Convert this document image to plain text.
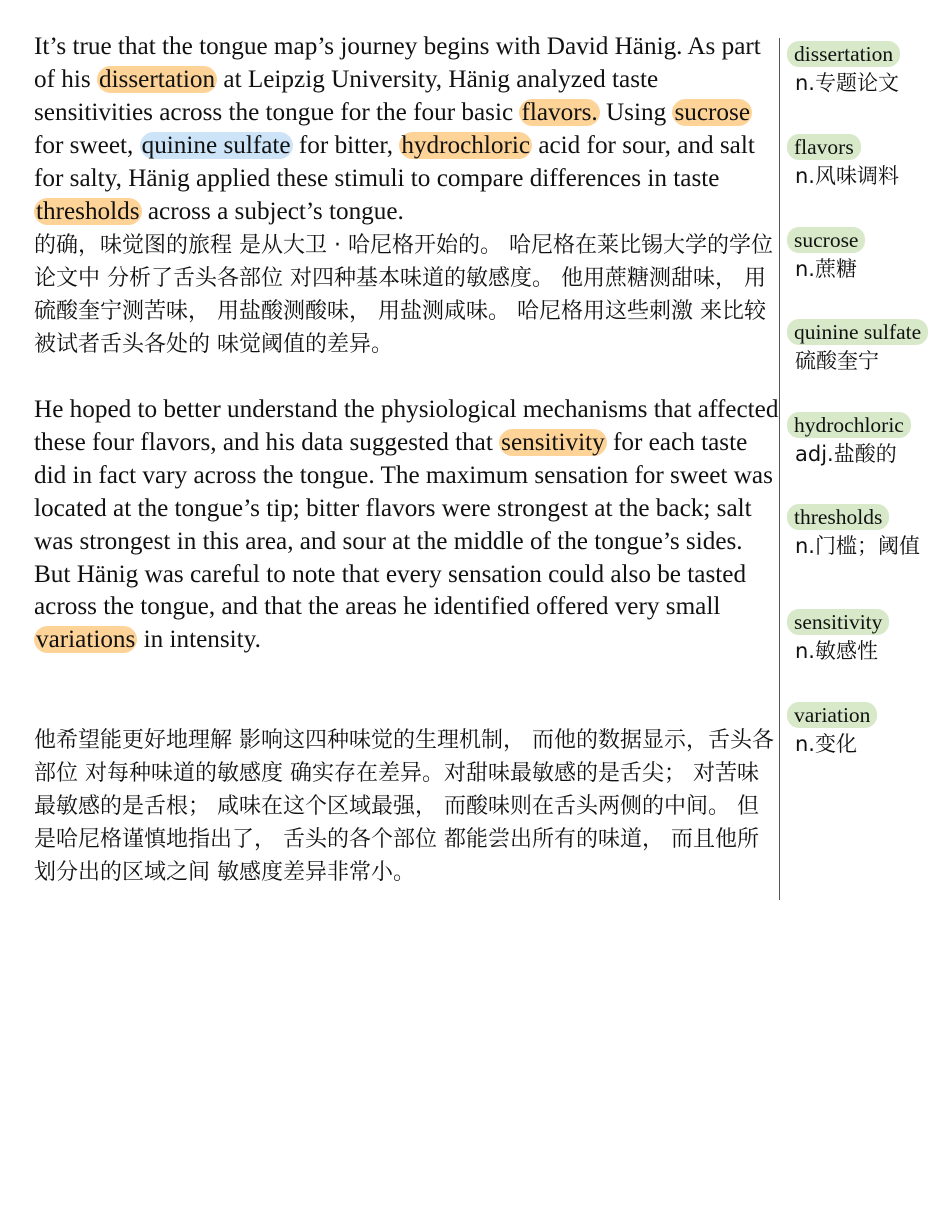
It’s true that the tongue map’s journey begins with David Hänig. As part of his dissertation at Leipzig University, Hänig analyzed taste sensitivities across the tongue for the four basic flavors. Using sucrose for sweet, quinine sulfate for bitter, hydrochloric acid for sour, and salt for salty, Hänig applied these stimuli to compare differences in taste thresholds across a subject’s tongue.
的确，味觉图的旅程 是从大卫 · 哈尼格开始的。 哈尼格在莱比锡大学的学位论文中 分析了舌头各部位 对四种基本味道的敏感度。 他用蔗糖测甜味， 用硫酸奎宁测苦味， 用盐酸测酸味， 用盐测咸味。 哈尼格用这些刺激 来比较被试者舌头各处的 味觉阈值的差异。
He hoped to better understand the physiological mechanisms that affected these four flavors, and his data suggested that sensitivity for each taste did in fact vary across the tongue. The maximum sensation for sweet was located at the tongue’s tip; bitter flavors were strongest at the back; salt was strongest in this area, and sour at the middle of the tongue’s sides. But Hänig was careful to note that every sensation could also be tasted across the tongue, and that the areas he identified offered very small variations in intensity.
他希望能更好地理解 影响这四种味觉的生理机制， 而他的数据显示，舌头各部位 对每种味道的敏感度 确实存在差异。对甜味最敏感的是舌尖； 对苦味最敏感的是舌根； 咸味在这个区域最强， 而酸味则在舌头两侧的中间。 但是哈尼格谨慎地指出了， 舌头的各个部位 都能尝出所有的味道， 而且他所划分出的区域之间 敏感度差异非常小。
dissertation
n.专题论文
flavors
n.风味调料
sucrose
n.蔗糖
quinine sulfate
硫酸奎宁
hydrochloric
adj.盐酸的
thresholds
n.门槛；阈值
sensitivity
n.敏感性
variation
n.变化
